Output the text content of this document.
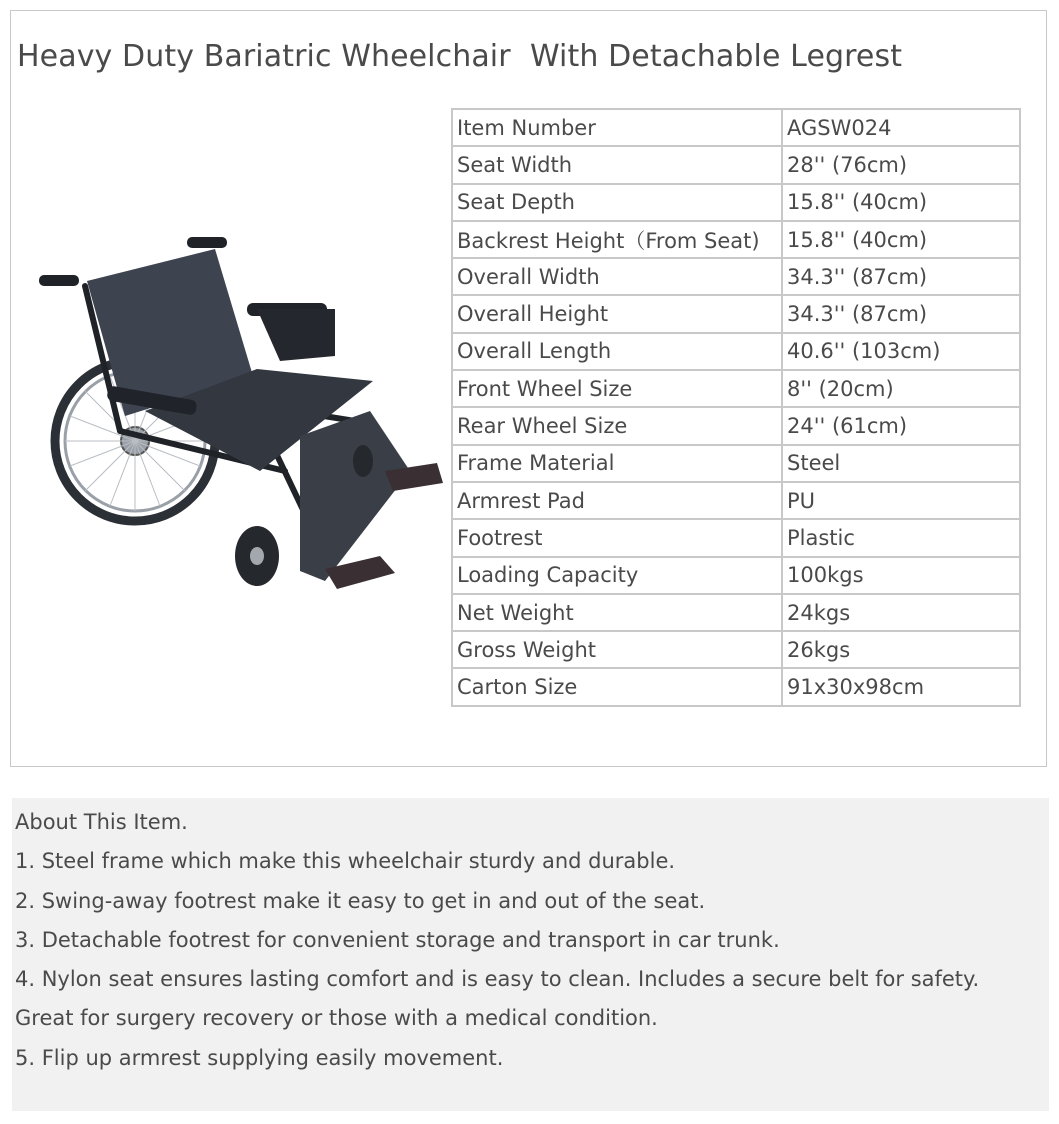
Heavy Duty Bariatric Wheelchair  With Detachable Legrest
Item Number	AGSW024
Seat Width	28'' (76cm)
Seat Depth	15.8'' (40cm)
Backrest Height（From Seat)	15.8'' (40cm)
Overall Width	34.3'' (87cm)
Overall Height	34.3'' (87cm)
Overall Length	40.6'' (103cm)
Front Wheel Size	8'' (20cm)
Rear Wheel Size	24'' (61cm)
Frame Material	Steel
Armrest Pad	PU
Footrest	Plastic
Loading Capacity	100kgs
Net Weight	24kgs
Gross Weight	26kgs
Carton Size	91x30x98cm

About This Item.

1. Steel frame which make this wheelchair sturdy and durable.

2. Swing-away footrest make it easy to get in and out of the seat.

3. Detachable footrest for convenient storage and transport in car trunk.

4. Nylon seat ensures lasting comfort and is easy to clean. Includes a secure belt for safety.

Great for surgery recovery or those with a medical condition.

5. Flip up armrest supplying easily movement.
